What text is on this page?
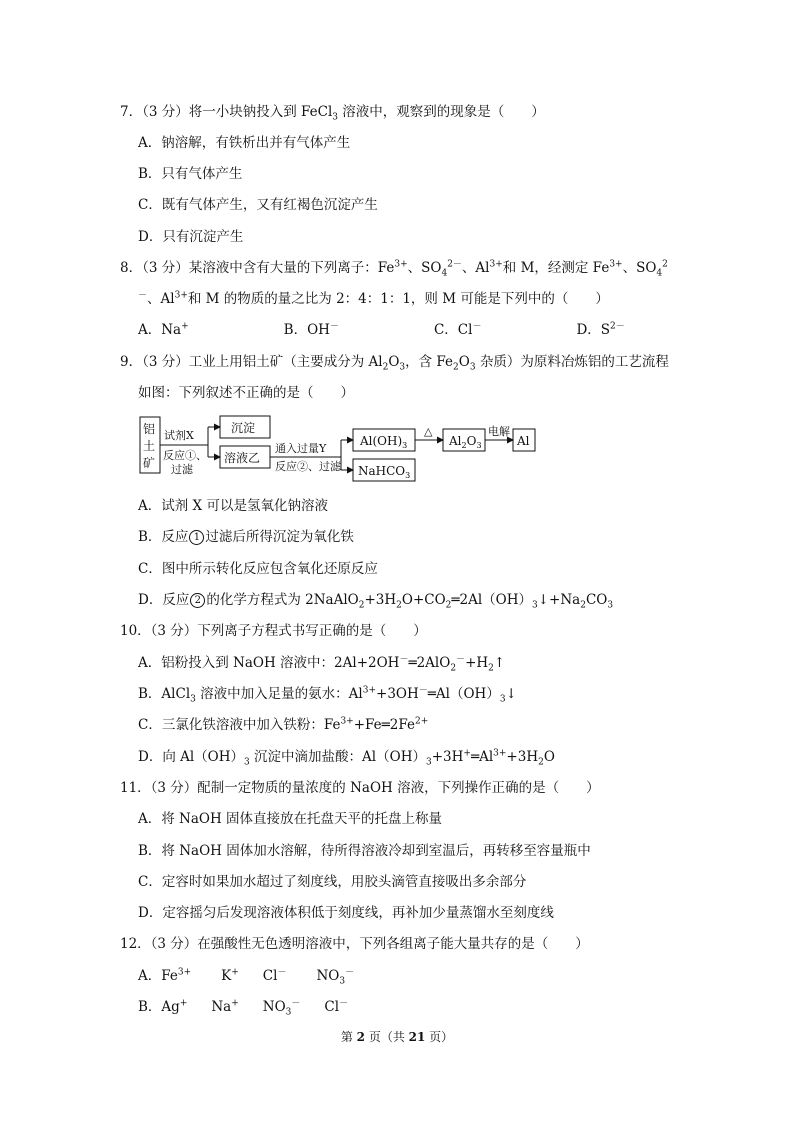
7．（3 分）将一小块钠投入到 FeCl$_3$ 溶液中，观察到的现象是（　　）
A．钠溶解，有铁析出并有气体产生
B．只有气体产生
C．既有气体产生，又有红褐色沉淀产生
D．只有沉淀产生
8．（3 分）某溶液中含有大量的下列离子：$Fe^{3+}$、$SO_4^{2-}$、$Al^{3+}$和 M，经测定 $Fe^{3+}$、$SO_4^2$
－、$Al^{3+}$和 M 的物质的量之比为 2：4：1：1，则 M 可能是下列中的（　　）
A．Na+	B．OH－	C．Cl－	D．$S^{2-}$
9．（3 分）工业上用铝土矿（主要成分为 $Al_2O_3$，含 $Fe_2O_3$ 杂质）为原料冶炼铝的工艺流程
如图：下列叙述不正确的是（　　）
铝
土
矿
试剂X
反应①、
过滤
沉淀
溶液乙
通入过量Y
反应②、过滤
$Al(OH)_3$
NaHCO$_3$
△
$Al_2O_3$
电解
Al
A．试剂 X 可以是氢氧化钠溶液
B．反应 1 过滤后所得沉淀为氧化铁
C．图中所示转化反应包含氧化还原反应
D．反应 2 的化学方程式为 $2NaAlO_2+3H_2O+CO_2═2Al(OH)_3↓+Na_2CO_3$
10．（3 分）下列离子方程式书写正确的是（　　）
A．铝粉投入到 NaOH 溶液中：$2Al+2OH^-═2AlO_2^-+H_2↑$
B．AlCl$_3$ 溶液中加入足量的氨水：$Al^{3+}+3OH^-═Al(OH)_3↓$
C．三氯化铁溶液中加入铁粉：$Fe^{3+}+Fe═2Fe^{2+}$
D．向 $Al(OH)_3$ 沉淀中滴加盐酸：$Al(OH)_3+3H^+═Al^{3+}+3H_2O$
11．（3 分）配制一定物质的量浓度的 NaOH 溶液，下列操作正确的是（　　）
A．将 NaOH 固体直接放在托盘天平的托盘上称量
B．将 NaOH 固体加水溶解，待所得溶液冷却到室温后，再转移至容量瓶中
C．定容时如果加水超过了刻度线，用胶头滴管直接吸出多余部分
D．定容摇匀后发现溶液体积低于刻度线，再补加少量蒸馏水至刻度线
12．（3 分）在强酸性无色透明溶液中，下列各组离子能大量共存的是（　　）
A．$Fe^{3+}$ K+ Cl－ $NO_3^-$
B．Ag+ Na+ $NO_3^-$ Cl－
第 2 页（共 21 页）
